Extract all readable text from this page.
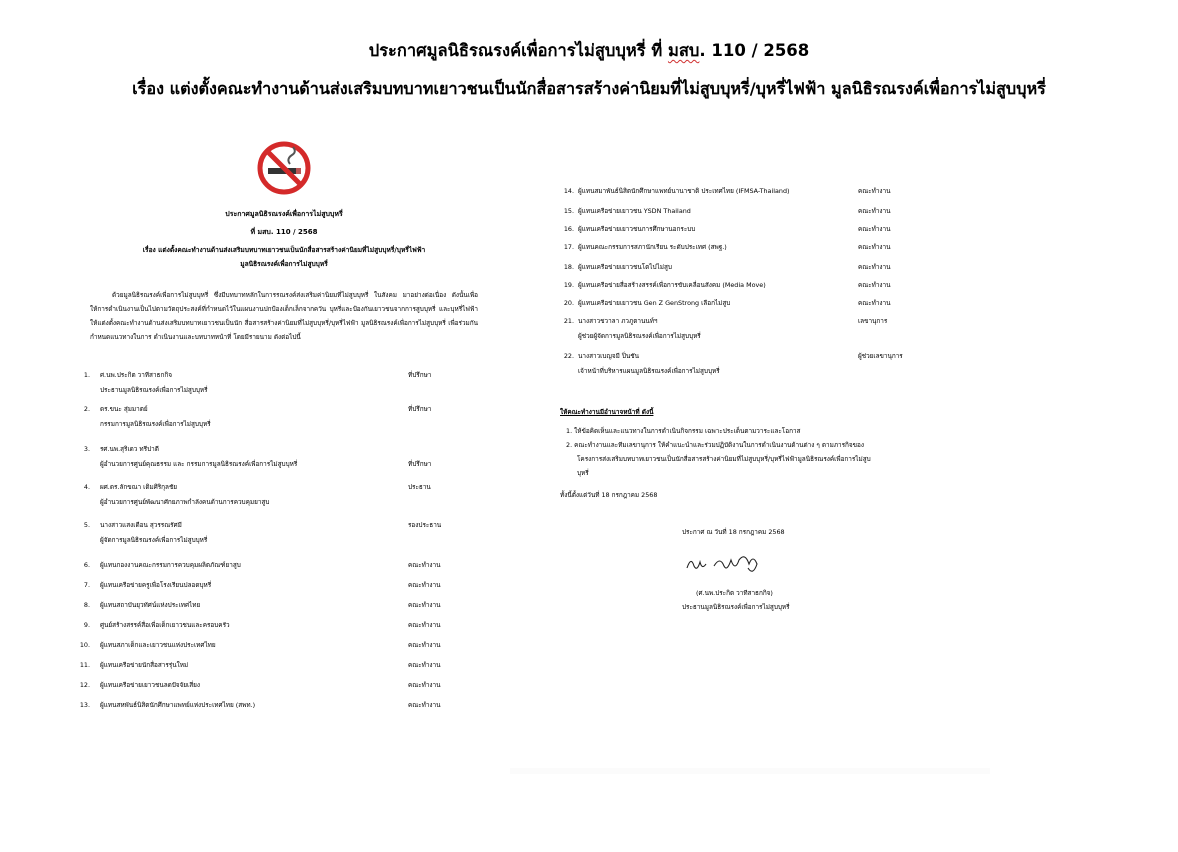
ประกาศมูลนิธิรณรงค์เพื่อการไม่สูบบุหรี่ ที่ มสบ. 110 / 2568
เรื่อง แต่งตั้งคณะทำงานด้านส่งเสริมบทบาทเยาวชนเป็นนักสื่อสารสร้างค่านิยมที่ไม่สูบบุหรี่/บุหรี่ไฟฟ้า มูลนิธิรณรงค์เพื่อการไม่สูบบุหรี่
ประกาศมูลนิธิรณรงค์เพื่อการไม่สูบบุหรี่
ที่ มสบ. 110 / 2568
เรื่อง แต่งตั้งคณะทำงานด้านส่งเสริมบทบาทเยาวชนเป็นนักสื่อสารสร้างค่านิยมที่ไม่สูบบุหรี่/บุหรี่ไฟฟ้า
มูลนิธิรณรงค์เพื่อการไม่สูบบุหรี่
ด้วยมูลนิธิรณรงค์เพื่อการไม่สูบบุหรี่ ซึ่งมีบทบาทหลักในการรณรงค์ส่งเสริมค่านิยมที่ไม่สูบบุหรี่ ในสังคม มาอย่างต่อเนื่อง ดังนั้นเพื่อให้การดำเนินงานเป็นไปตามวัตถุประสงค์ที่กำหนดไว้ในแผนงานปกป้องเด็กเล็กจากควัน บุหรี่และป้องกันเยาวชนจากการสูบบุหรี่ และบุหรี่ไฟฟ้า ให้แต่งตั้งคณะทำงานด้านส่งเสริมบทบาทเยาวชนเป็นนัก สื่อสารสร้างค่านิยมที่ไม่สูบบุหรี่/บุหรี่ไฟฟ้า มูลนิธิรณรงค์เพื่อการไม่สูบบุหรี่ เพื่อร่วมกันกำหนดแนวทางในการ ดำเนินงานและบทบาทหน้าที่ โดยมีรายนาม ดังต่อไปนี้
1. ศ.นพ.ประกิต วาทีสาธกกิจ	ที่ปรึกษา
ประธานมูลนิธิรณรงค์เพื่อการไม่สูบบุหรี่
2. ดร.ขนะ สุ่มมาตย์	ที่ปรึกษา
กรรมการมูลนิธิรณรงค์เพื่อการไม่สูบบุหรี่
3. รศ.นพ.สุริเดว ทรีปาตี
ผู้อำนวยการศูนย์คุณธรรม และ กรรมการมูลนิธิรณรงค์เพื่อการไม่สูบบุหรี่	ที่ปรึกษา
4. ผศ.ดร.ลักขณา เติมศิริกุลชัย	ประธาน
ผู้อำนวยการศูนย์พัฒนาศักยภาพกำลังคนด้านการควบคุมยาสูบ
5. นางสาวแสงเดือน สุวรรณรัศมี	รองประธาน
ผู้จัดการมูลนิธิรณรงค์เพื่อการไม่สูบบุหรี่
6. ผู้แทนกองงานคณะกรรมการควบคุมผลิตภัณฑ์ยาสูบ	คณะทำงาน
7. ผู้แทนเครือข่ายครูเพื่อโรงเรียนปลอดบุหรี่	คณะทำงาน
8. ผู้แทนสถาบันยุวทัศน์แห่งประเทศไทย	คณะทำงาน
9. ศูนย์สร้างสรรค์สื่อเพื่อเด็กเยาวชนและครอบครัว	คณะทำงาน
10. ผู้แทนสภาเด็กและเยาวชนแห่งประเทศไทย	คณะทำงาน
11. ผู้แทนเครือข่ายนักสื่อสารรุ่นใหม่	คณะทำงาน
12. ผู้แทนเครือข่ายเยาวชนลดปัจจัยเสี่ยง	คณะทำงาน
13. ผู้แทนสหพันธ์นิสิตนักศึกษาแพทย์แห่งประเทศไทย (สพท.)	คณะทำงาน
14. ผู้แทนสมาพันธ์นิสิตนักศึกษาแพทย์นานาชาติ ประเทศไทย (IFMSA-Thailand)	คณะทำงาน
15. ผู้แทนเครือข่ายเยาวชน YSDN Thailand	คณะทำงาน
16. ผู้แทนเครือข่ายเยาวชนการศึกษานอกระบบ	คณะทำงาน
17. ผู้แทนคณะกรรมการสภานักเรียน ระดับประเทศ (สพฐ.)	คณะทำงาน
18. ผู้แทนเครือข่ายเยาวชนโตไปไม่สูบ	คณะทำงาน
19. ผู้แทนเครือข่ายสื่อสร้างสรรค์เพื่อการขับเคลื่อนสังคม (Media Move)	คณะทำงาน
20. ผู้แทนเครือข่ายเยาวชน Gen Z GenStrong เลือกไม่สูบ	คณะทำงาน
21. นางสาวชวาลา ภวภูตานนท์ฯ	เลขานุการ
ผู้ช่วยผู้จัดการมูลนิธิรณรงค์เพื่อการไม่สูบบุหรี่
22. นางสาวเบญจมี ปิ่นชัน	ผู้ช่วยเลขานุการ
เจ้าหน้าที่บริหารแผนมูลนิธิรณรงค์เพื่อการไม่สูบบุหรี่
ให้คณะทำงานมีอำนาจหน้าที่ ดังนี้
1. ให้ข้อคิดเห็นและแนวทางในการดำเนินกิจกรรม เฉพาะประเด็นตามวาระและโอกาส
2. คณะทำงานและทีมเลขานุการ ให้คำแนะนำและร่วมปฏิบัติงานในการดำเนินงานด้านต่าง ๆ ตามภารกิจของ
โครงการส่งเสริมบทบาทเยาวชนเป็นนักสื่อสารสร้างค่านิยมที่ไม่สูบบุหรี่/บุหรี่ไฟฟ้ามูลนิธิรณรงค์เพื่อการไม่สูบ
บุหรี่
ทั้งนี้ตั้งแต่วันที่ 18 กรกฎาคม 2568
ประกาศ ณ วันที่ 18 กรกฎาคม 2568
(ศ.นพ.ประกิต วาทีสาธกกิจ)
ประธานมูลนิธิรณรงค์เพื่อการไม่สูบบุหรี่
